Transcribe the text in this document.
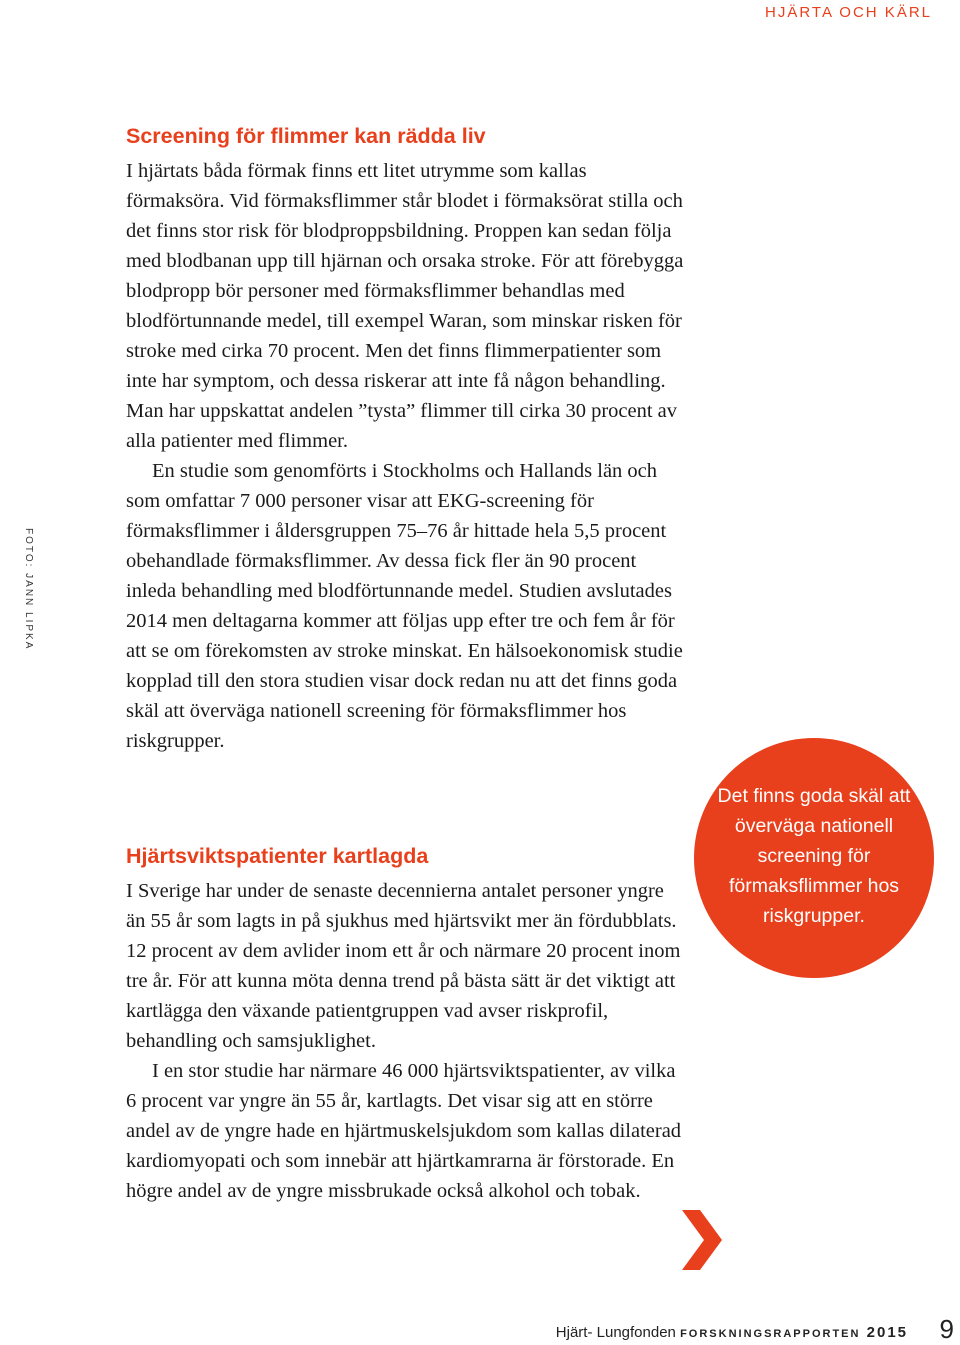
HJÄRTA OCH KÄRL
FOTO: JANN LIPKA
Screening för flimmer kan rädda liv

I hjärtats båda förmak finns ett litet utrymme som kallas förmaksöra. Vid förmaksflimmer står blodet i förmaksörat stilla och det finns stor risk för blodproppsbildning. Proppen kan sedan följa med blodbanan upp till hjärnan och orsaka stroke. För att förebygga blodpropp bör personer med förmaksflimmer behandlas med blodförtunnande medel, till exempel Waran, som minskar risken för stroke med cirka 70 procent. Men det finns flimmerpatienter som inte har symptom, och dessa riskerar att inte få någon behandling. Man har uppskattat andelen ”tysta” flimmer till cirka 30 procent av alla patienter med flimmer.

En studie som genomförts i Stockholms och Hallands län och som omfattar 7 000 personer visar att EKG-screening för förmaksflimmer i åldersgruppen 75–76 år hittade hela 5,5 procent obehandlade förmaksflimmer. Av dessa fick fler än 90 procent inleda behandling med blodförtunnande medel. Studien avslutades 2014 men deltagarna kommer att följas upp efter tre och fem år för att se om förekomsten av stroke minskat. En hälsoekonomisk studie kopplad till den stora studien visar dock redan nu att det finns goda skäl att överväga nationell screening för förmaksflimmer hos riskgrupper.

Hjärtsviktspatienter kartlagda

I Sverige har under de senaste decennierna antalet personer yngre än 55 år som lagts in på sjukhus med hjärtsvikt mer än fördubblats. 12 procent av dem avlider inom ett år och närmare 20 procent inom tre år. För att kunna möta denna trend på bästa sätt är det viktigt att kartlägga den växande patientgruppen vad avser riskprofil, behandling och samsjuklighet.

I en stor studie har närmare 46 000 hjärtsviktspatienter, av vilka 6 procent var yngre än 55 år, kartlagts. Det visar sig att en större andel av de yngre hade en hjärtmuskelsjukdom som kallas dilaterad kardiomyopati och som innebär att hjärtkamrarna är förstorade. En högre andel av de yngre missbrukade också alkohol och tobak.

Det finns goda skäl att överväga nationell screening för förmaksflimmer hos riskgrupper.
Hjärt- Lungfonden forskningsrapporten 2015 9
